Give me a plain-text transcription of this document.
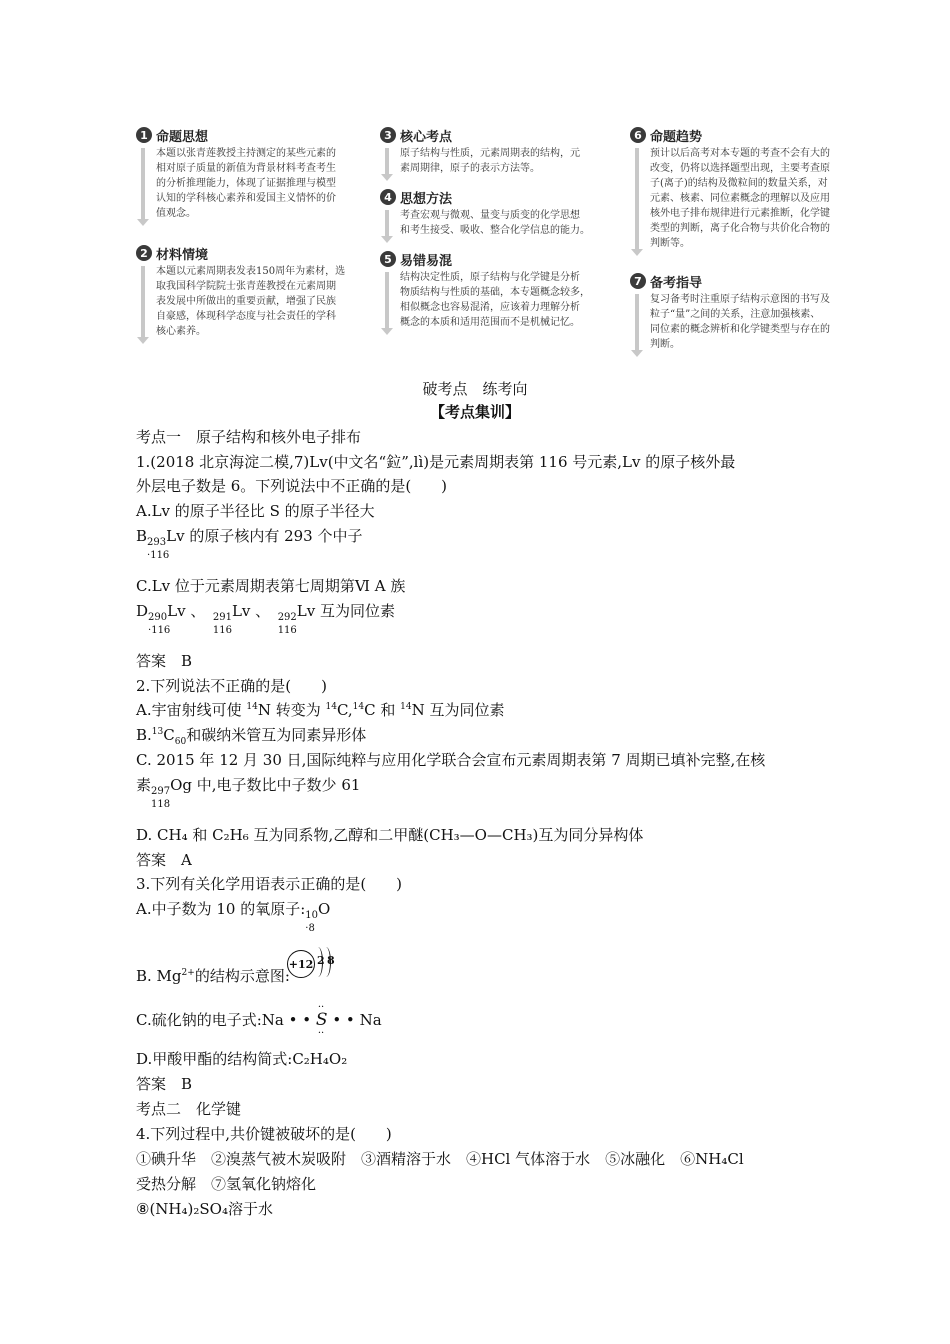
1 命题思想
本题以张青莲教授主持测定的某些元素的
相对原子质量的新值为背景材料考查考生
的分析推理能力，体现了证据推理与模型
认知的学科核心素养和爱国主义情怀的价
值观念。
2 材料情境
本题以元素周期表发表150周年为素材，选
取我国科学院院士张青莲教授在元素周期
表发展中所做出的重要贡献，增强了民族
自豪感，体现科学态度与社会责任的学科
核心素养。
3 核心考点
原子结构与性质，元素周期表的结构，元
素周期律，原子的表示方法等。
4 思想方法
考查宏观与微观、量变与质变的化学思想
和考生接受、吸收、整合化学信息的能力。
5 易错易混
结构决定性质，原子结构与化学键是分析
物质结构与性质的基础，本专题概念较多，
相似概念也容易混淆，应该着力理解分析
概念的本质和适用范围而不是机械记忆。
6 命题趋势
预计以后高考对本专题的考查不会有大的
改变，仍将以选择题型出现，主要考查原
子(离子)的结构及微粒间的数量关系，对
元素、核素、同位素概念的理解以及应用
核外电子排布规律进行元素推断，化学键
类型的判断，离子化合物与共价化合物的
判断等。
7 备考指导
复习备考时注重原子结构示意图的书写及
粒子“量”之间的关系，注意加强核素、
同位素的概念辨析和化学键类型与存在的
判断。
破考点　练考向
【考点集训】
考点一　原子结构和核外电子排布
1.(2018 北京海淀二模,7)Lv(中文名“鉝”,lì)是元素周期表第 116 号元素,Lv 的原子核外最
外层电子数是 6。下列说法中不正确的是(　　)
A.Lv 的原子半径比 S 的原子半径大
$B_{293}$
·116
Lv 的原子核内有 293 个中子
C.Lv 位于元素周期表第七周期第Ⅵ A 族
$D_{290}$
·116
Lv 、　 $_{291}$
116
Lv 、　 $_{292}$
116
Lv 互为同位素
答案　B
2.下列说法不正确的是(　　)
A.宇宙射线可使 $^{14}$N 转变为 $^{14}$C,$^{14}$C 和 $^{14}$N 互为同位素
$B.^{13}C_{60}$和碳纳米管互为同素异形体
C. 2015 年 12 月 30 日,国际纯粹与应用化学联合会宣布元素周期表第 7 周期已填补完整,在核
素$_{297}$
118
Og 中,电子数比中子数少 61
D. CH₄ 和 C₂H₆ 互为同系物,乙醇和二甲醚(CH₃—O—CH₃)互为同分异构体
答案　A
3.下列有关化学用语表示正确的是(　　)
A.中子数为 10 的氧原子$:_{10}$
·8
O
B. $Mg^{2+}$的结构示意图:
+12 2 8
C.硫化钠的电子式:Na • • S
··
··
• • Na
D.甲酸甲酯的结构简式:C₂H₄O₂
答案　B
考点二　化学键
4.下列过程中,共价键被破坏的是(　　)
①碘升华　②溴蒸气被木炭吸附　③酒精溶于水　④HCl 气体溶于水　⑤冰融化　⑥NH₄Cl
受热分解　⑦氢氧化钠熔化
⑧(NH₄)₂SO₄溶于水
